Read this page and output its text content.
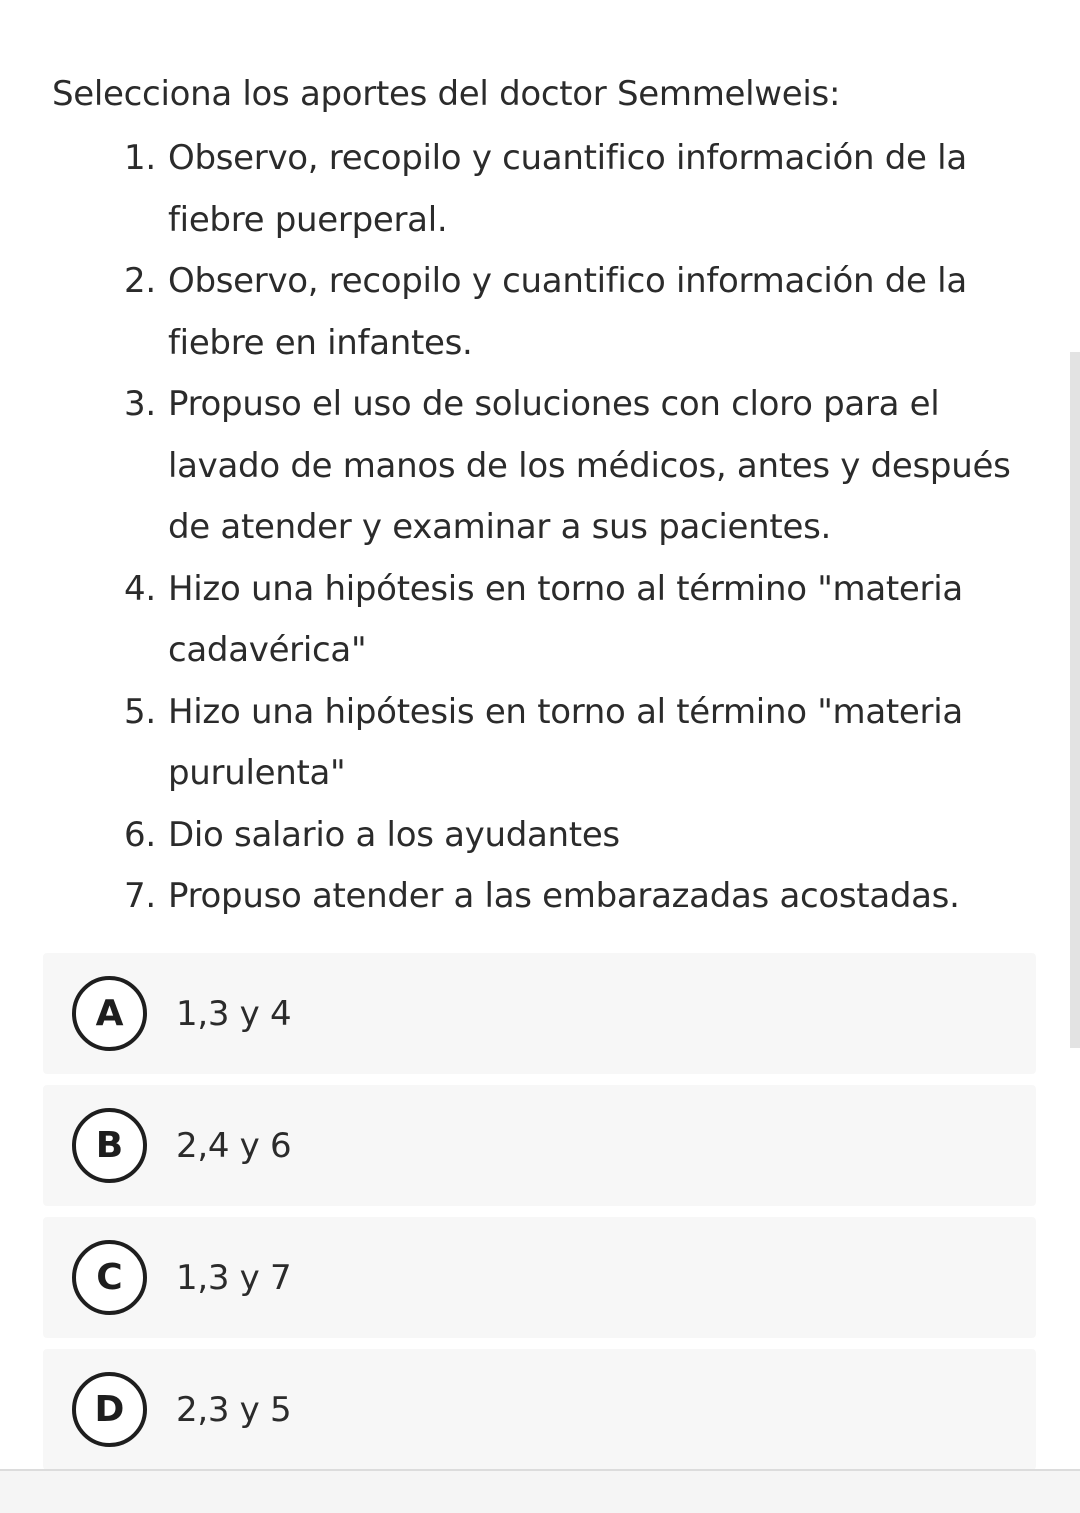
Selecciona los aportes del doctor Semmelweis:
1. Observo, recopilo y cuantifico información de la fiebre puerperal.
2. Observo, recopilo y cuantifico información de la fiebre en infantes.
3. Propuso el uso de soluciones con cloro para el lavado de manos de los médicos, antes y después de atender y examinar a sus pacientes.
4. Hizo una hipótesis en torno al término "materia cadavérica"
5. Hizo una hipótesis en torno al término "materia purulenta"
6. Dio salario a los ayudantes
7. Propuso atender a las embarazadas acostadas.
A	1,3 y 4
B	2,4 y 6
C	1,3 y 7
D	2,3 y 5
